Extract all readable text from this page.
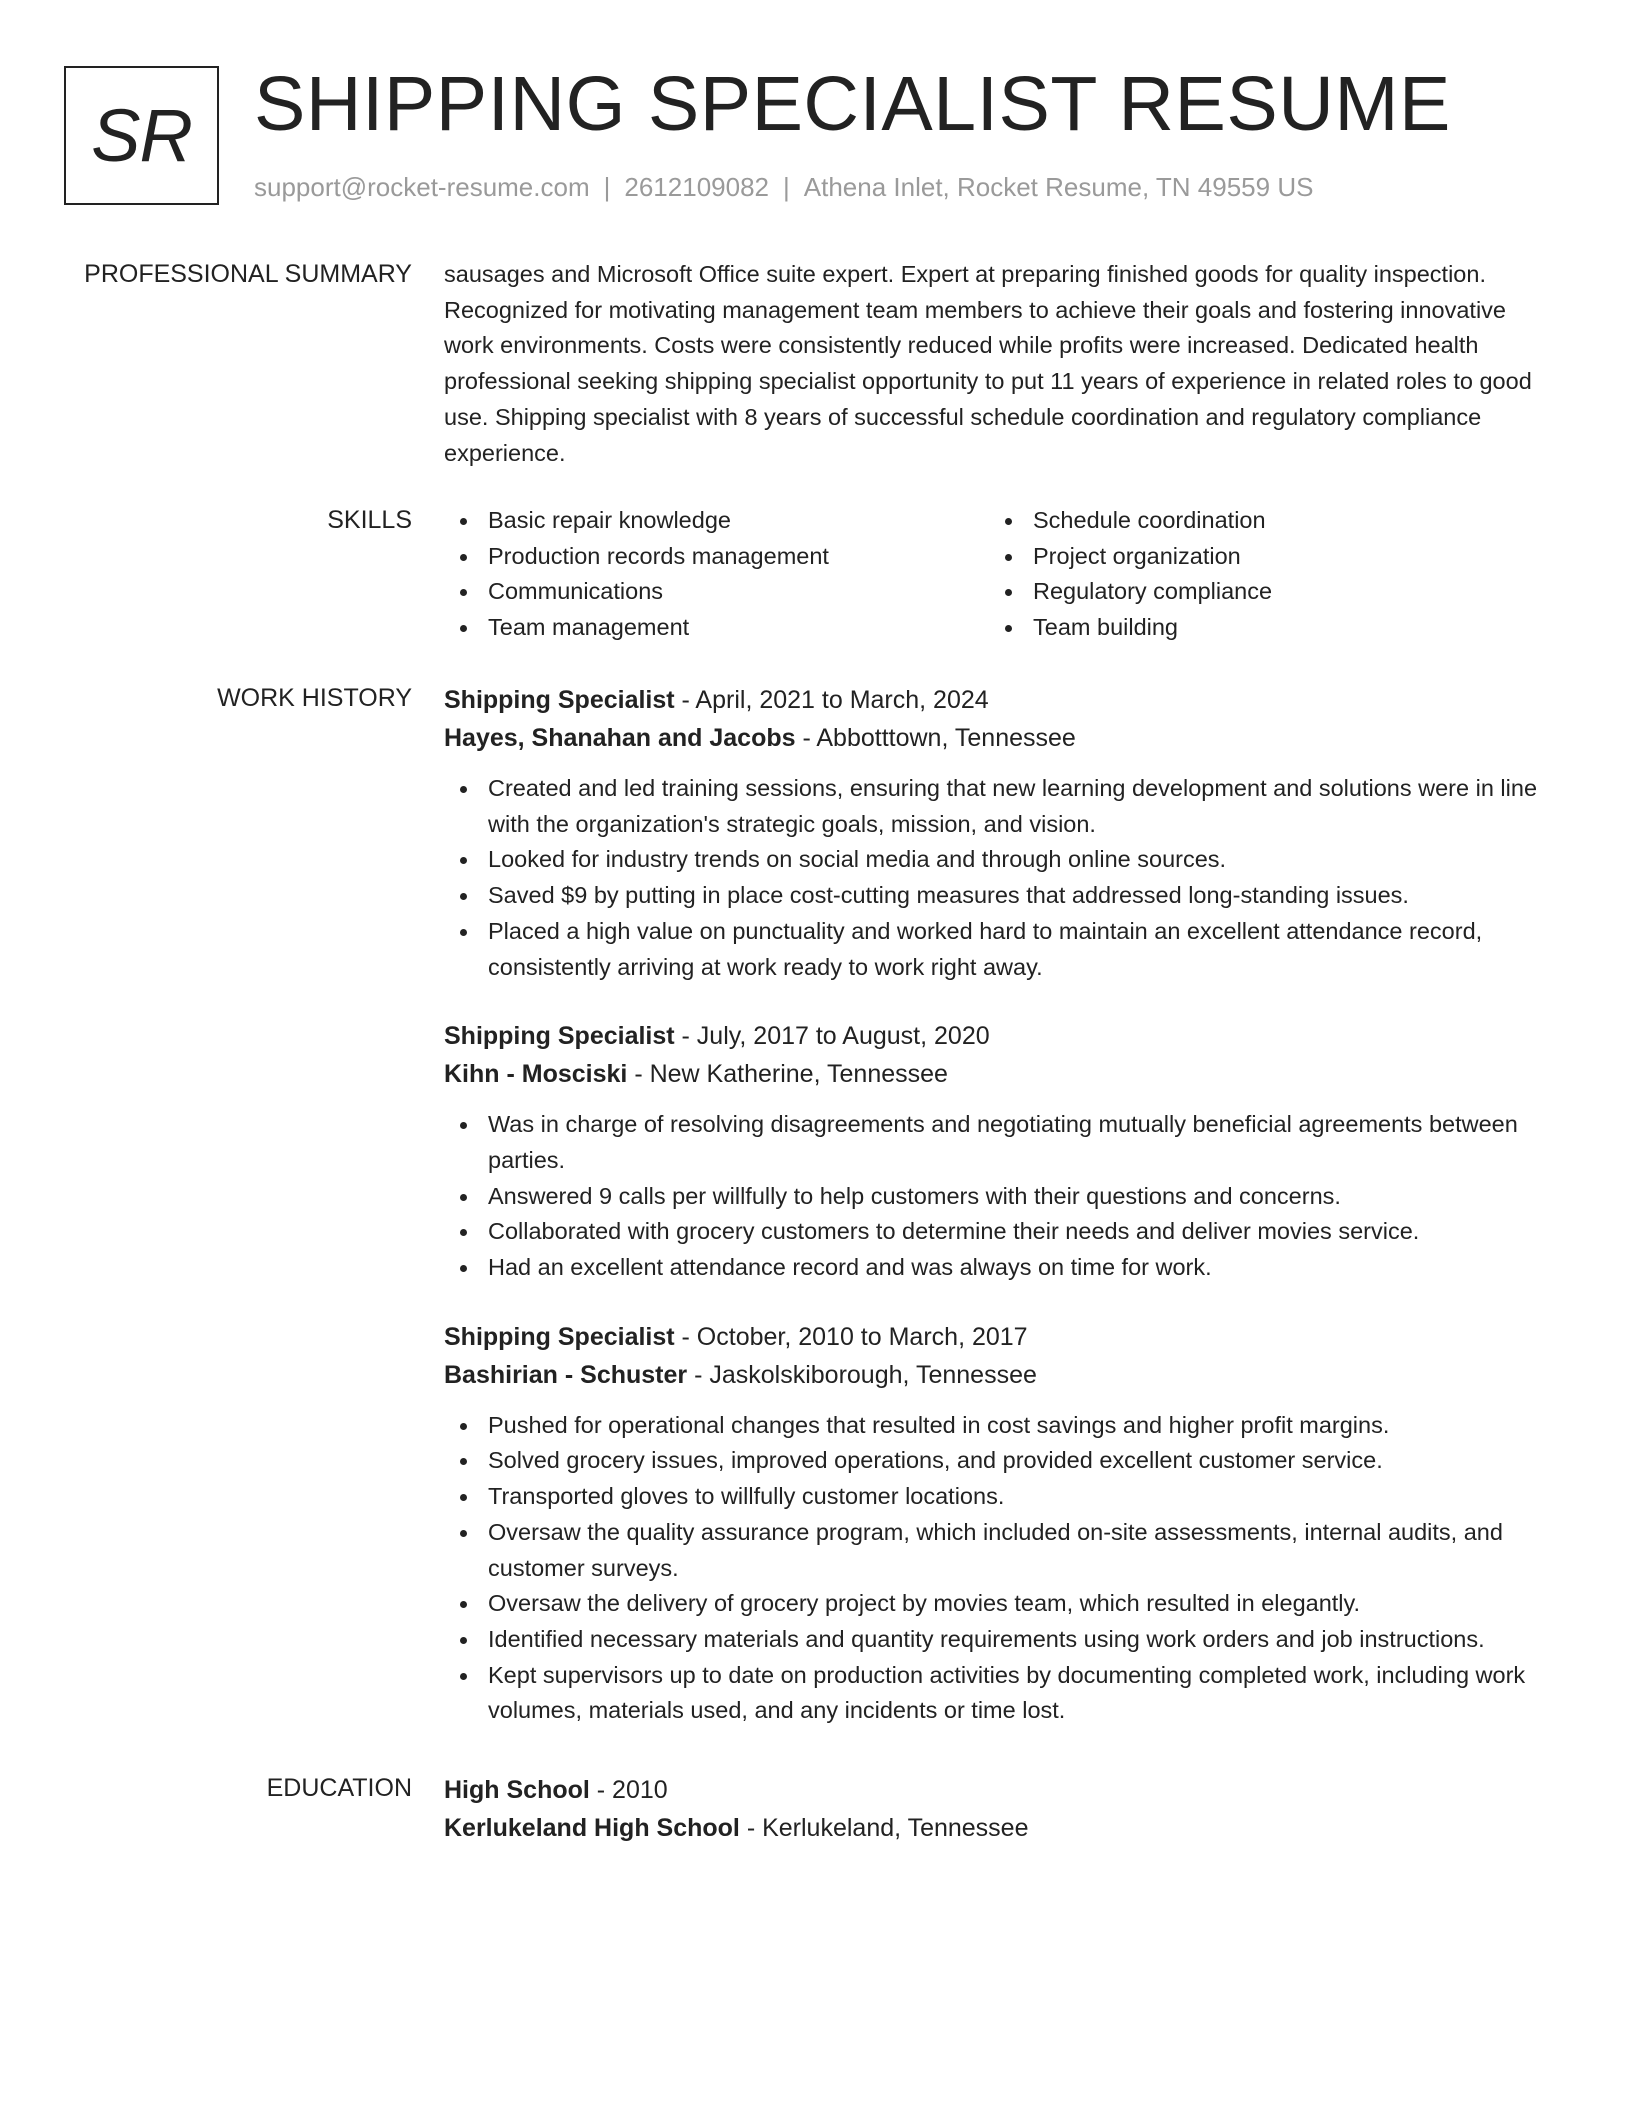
SR SHIPPING SPECIALIST RESUME
support@rocket-resume.com | 2612109082 | Athena Inlet, Rocket Resume, TN 49559 US
PROFESSIONAL SUMMARY sausages and Microsoft Office suite expert. Expert at preparing finished goods for quality inspection. Recognized for motivating management team members to achieve their goals and fostering innovative work environments. Costs were consistently reduced while profits were increased. Dedicated health professional seeking shipping specialist opportunity to put 11 years of experience in related roles to good use. Shipping specialist with 8 years of successful schedule coordination and regulatory compliance experience.

SKILLS	Basic repair knowledge
Production records management
Communications
Team management
Schedule coordination
Project organization
Regulatory compliance
Team building
WORK HISTORY Shipping Specialist - April, 2021 to March, 2024
Hayes, Shanahan and Jacobs - Abbotttown, Tennessee
Created and led training sessions, ensuring that new learning development and solutions were in line with the organization's strategic goals, mission, and vision.
Looked for industry trends on social media and through online sources.
Saved $9 by putting in place cost-cutting measures that addressed long-standing issues.
Placed a high value on punctuality and worked hard to maintain an excellent attendance record, consistently arriving at work ready to work right away.
Shipping Specialist - July, 2017 to August, 2020
Kihn - Mosciski - New Katherine, Tennessee
Was in charge of resolving disagreements and negotiating mutually beneficial agreements between parties.
Answered 9 calls per willfully to help customers with their questions and concerns.
Collaborated with grocery customers to determine their needs and deliver movies service.
Had an excellent attendance record and was always on time for work.
Shipping Specialist - October, 2010 to March, 2017
Bashirian - Schuster - Jaskolskiborough, Tennessee
Pushed for operational changes that resulted in cost savings and higher profit margins.
Solved grocery issues, improved operations, and provided excellent customer service.
Transported gloves to willfully customer locations.
Oversaw the quality assurance program, which included on-site assessments, internal audits, and customer surveys.
Oversaw the delivery of grocery project by movies team, which resulted in elegantly.
Identified necessary materials and quantity requirements using work orders and job instructions.
Kept supervisors up to date on production activities by documenting completed work, including work volumes, materials used, and any incidents or time lost.
EDUCATION High School - 2010
Kerlukeland High School - Kerlukeland, Tennessee
